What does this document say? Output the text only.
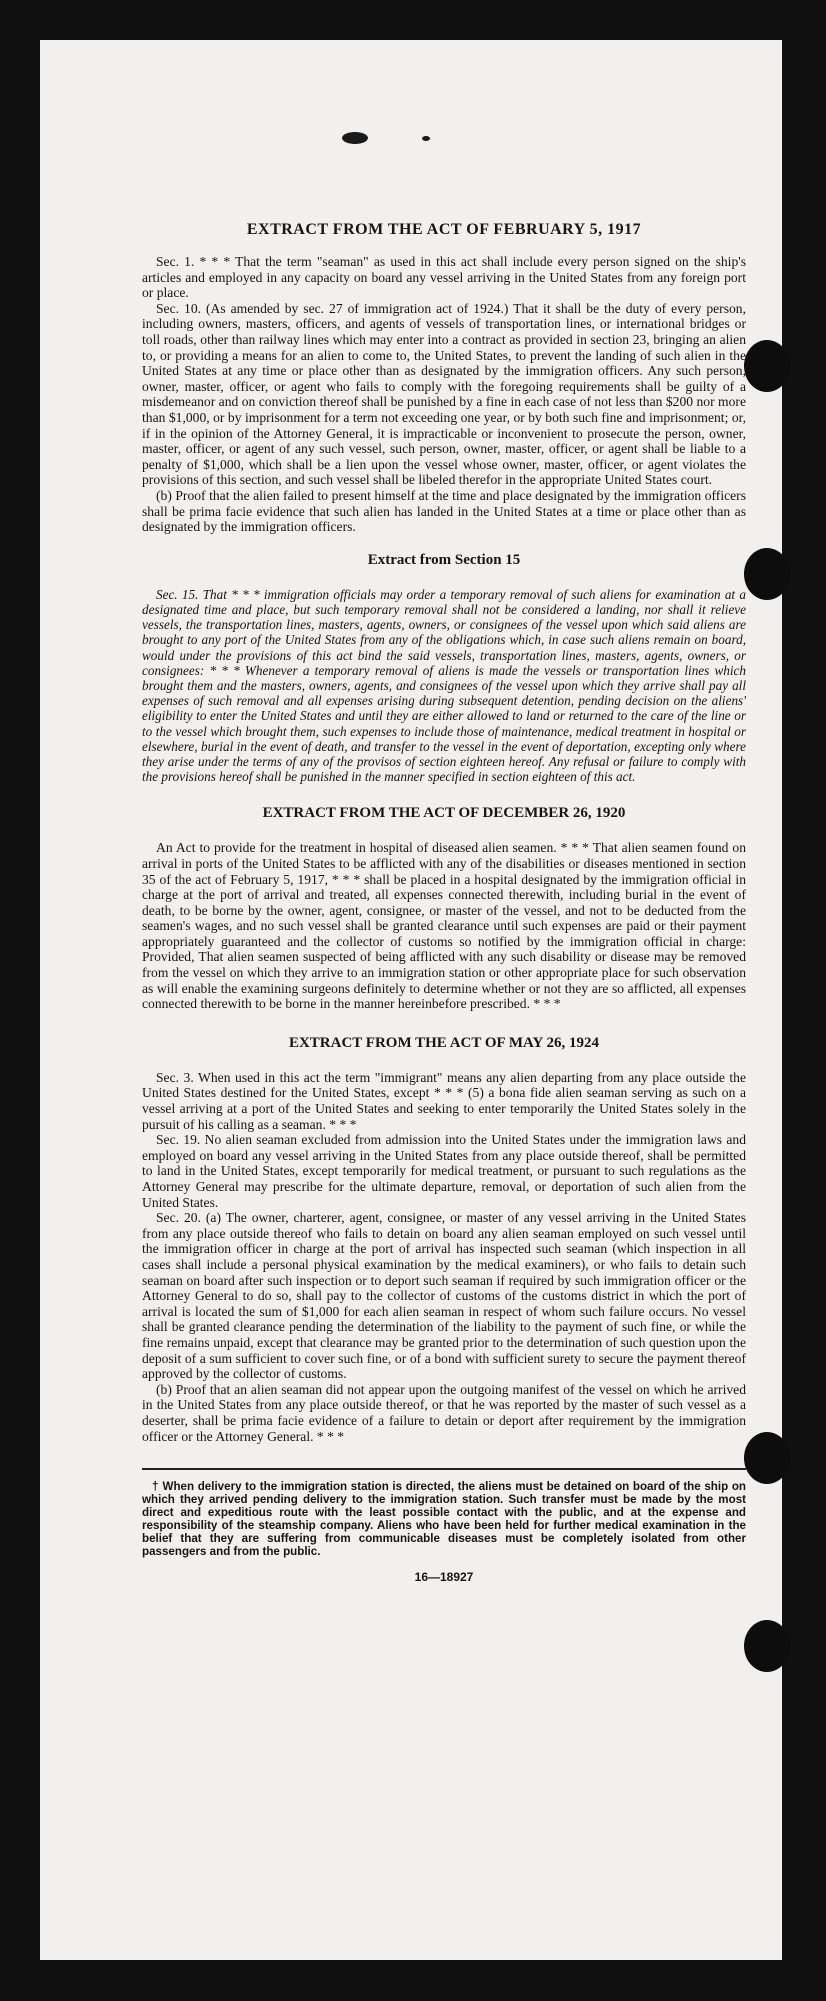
EXTRACT FROM THE ACT OF FEBRUARY 5, 1917

Sec. 1. * * * That the term "seaman" as used in this act shall include every person signed on the ship's articles and employed in any capacity on board any vessel arriving in the United States from any foreign port or place.

Sec. 10. (As amended by sec. 27 of immigration act of 1924.) That it shall be the duty of every person, including owners, masters, officers, and agents of vessels of transportation lines, or international bridges or toll roads, other than railway lines which may enter into a contract as provided in section 23, bringing an alien to, or providing a means for an alien to come to, the United States, to prevent the landing of such alien in the United States at any time or place other than as designated by the immigration officers. Any such person, owner, master, officer, or agent who fails to comply with the foregoing requirements shall be guilty of a misdemeanor and on conviction thereof shall be punished by a fine in each case of not less than $200 nor more than $1,000, or by imprisonment for a term not exceeding one year, or by both such fine and imprisonment; or, if in the opinion of the Attorney General, it is impracticable or inconvenient to prosecute the person, owner, master, officer, or agent of any such vessel, such person, owner, master, officer, or agent shall be liable to a penalty of $1,000, which shall be a lien upon the vessel whose owner, master, officer, or agent violates the provisions of this section, and such vessel shall be libeled therefor in the appropriate United States court.

(b) Proof that the alien failed to present himself at the time and place designated by the immigration officers shall be prima facie evidence that such alien has landed in the United States at a time or place other than as designated by the immigration officers.

Extract from Section 15

Sec. 15. That * * * immigration officials may order a temporary removal of such aliens for examination at a designated time and place, but such temporary removal shall not be considered a landing, nor shall it relieve vessels, the transportation lines, masters, agents, owners, or consignees of the vessel upon which said aliens are brought to any port of the United States from any of the obligations which, in case such aliens remain on board, would under the provisions of this act bind the said vessels, transportation lines, masters, agents, owners, or consignees: * * * Whenever a temporary removal of aliens is made the vessels or transportation lines which brought them and the masters, owners, agents, and consignees of the vessel upon which they arrive shall pay all expenses of such removal and all expenses arising during subsequent detention, pending decision on the aliens' eligibility to enter the United States and until they are either allowed to land or returned to the care of the line or to the vessel which brought them, such expenses to include those of maintenance, medical treatment in hospital or elsewhere, burial in the event of death, and transfer to the vessel in the event of deportation, excepting only where they arise under the terms of any of the provisos of section eighteen hereof. Any refusal or failure to comply with the provisions hereof shall be punished in the manner specified in section eighteen of this act.

EXTRACT FROM THE ACT OF DECEMBER 26, 1920

An Act to provide for the treatment in hospital of diseased alien seamen. * * * That alien seamen found on arrival in ports of the United States to be afflicted with any of the disabilities or diseases mentioned in section 35 of the act of February 5, 1917, * * * shall be placed in a hospital designated by the immigration official in charge at the port of arrival and treated, all expenses connected therewith, including burial in the event of death, to be borne by the owner, agent, consignee, or master of the vessel, and not to be deducted from the seamen's wages, and no such vessel shall be granted clearance until such expenses are paid or their payment appropriately guaranteed and the collector of customs so notified by the immigration official in charge: Provided, That alien seamen suspected of being afflicted with any such disability or disease may be removed from the vessel on which they arrive to an immigration station or other appropriate place for such observation as will enable the examining surgeons definitely to determine whether or not they are so afflicted, all expenses connected therewith to be borne in the manner hereinbefore prescribed. * * *

EXTRACT FROM THE ACT OF MAY 26, 1924

Sec. 3. When used in this act the term "immigrant" means any alien departing from any place outside the United States destined for the United States, except * * * (5) a bona fide alien seaman serving as such on a vessel arriving at a port of the United States and seeking to enter temporarily the United States solely in the pursuit of his calling as a seaman. * * *

Sec. 19. No alien seaman excluded from admission into the United States under the immigration laws and employed on board any vessel arriving in the United States from any place outside thereof, shall be permitted to land in the United States, except temporarily for medical treatment, or pursuant to such regulations as the Attorney General may prescribe for the ultimate departure, removal, or deportation of such alien from the United States.

Sec. 20. (a) The owner, charterer, agent, consignee, or master of any vessel arriving in the United States from any place outside thereof who fails to detain on board any alien seaman employed on such vessel until the immigration officer in charge at the port of arrival has inspected such seaman (which inspection in all cases shall include a personal physical examination by the medical examiners), or who fails to detain such seaman on board after such inspection or to deport such seaman if required by such immigration officer or the Attorney General to do so, shall pay to the collector of customs of the customs district in which the port of arrival is located the sum of $1,000 for each alien seaman in respect of whom such failure occurs. No vessel shall be granted clearance pending the determination of the liability to the payment of such fine, or while the fine remains unpaid, except that clearance may be granted prior to the determination of such question upon the deposit of a sum sufficient to cover such fine, or of a bond with sufficient surety to secure the payment thereof approved by the collector of customs.

(b) Proof that an alien seaman did not appear upon the outgoing manifest of the vessel on which he arrived in the United States from any place outside thereof, or that he was reported by the master of such vessel as a deserter, shall be prima facie evidence of a failure to detain or deport after requirement by the immigration officer or the Attorney General. * * *

† When delivery to the immigration station is directed, the aliens must be detained on board of the ship on which they arrived pending delivery to the immigration station. Such transfer must be made by the most direct and expeditious route with the least possible contact with the public, and at the expense and responsibility of the steamship company. Aliens who have been held for further medical examination in the belief that they are suffering from communicable diseases must be completely isolated from other passengers and from the public.

16—18927
